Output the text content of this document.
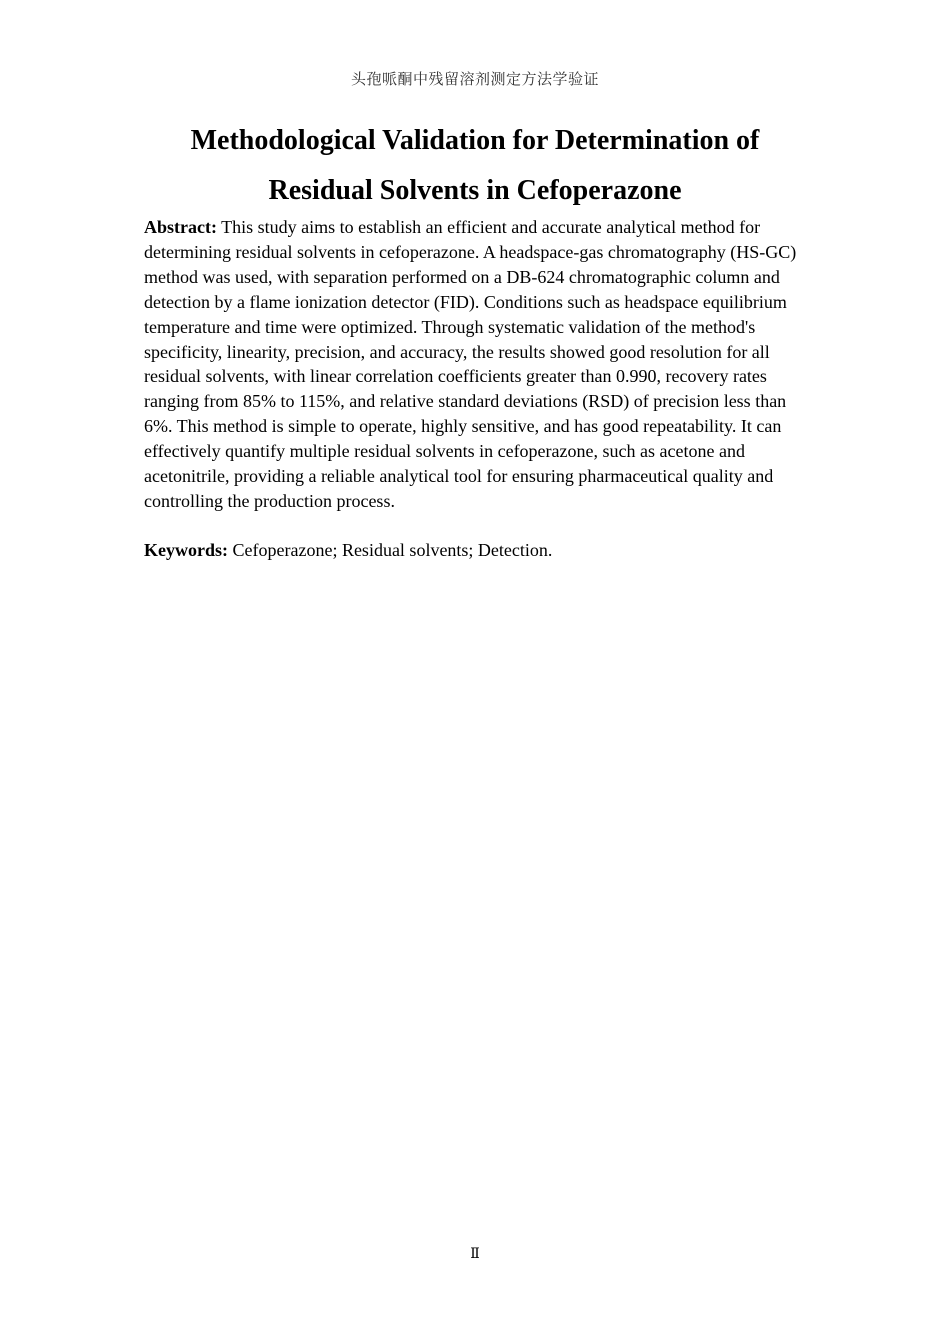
头孢哌酮中残留溶剂测定方法学验证
Methodological Validation for Determination of
Residual Solvents in Cefoperazone

Abstract: This study aims to establish an efficient and accurate analytical method for determining residual solvents in cefoperazone. A headspace-gas chromatography (HS-GC) method was used, with separation performed on a DB-624 chromatographic column and detection by a flame ionization detector (FID). Conditions such as headspace equilibrium temperature and time were optimized. Through systematic validation of the method's specificity, linearity, precision, and accuracy, the results showed good resolution for all residual solvents, with linear correlation coefficients greater than 0.990, recovery rates ranging from 85% to 115%, and relative standard deviations (RSD) of precision less than 6%. This method is simple to operate, highly sensitive, and has good repeatability. It can effectively quantify multiple residual solvents in cefoperazone, such as acetone and acetonitrile, providing a reliable analytical tool for ensuring pharmaceutical quality and controlling the production process.

Keywords: Cefoperazone; Residual solvents; Detection.

Ⅱ
